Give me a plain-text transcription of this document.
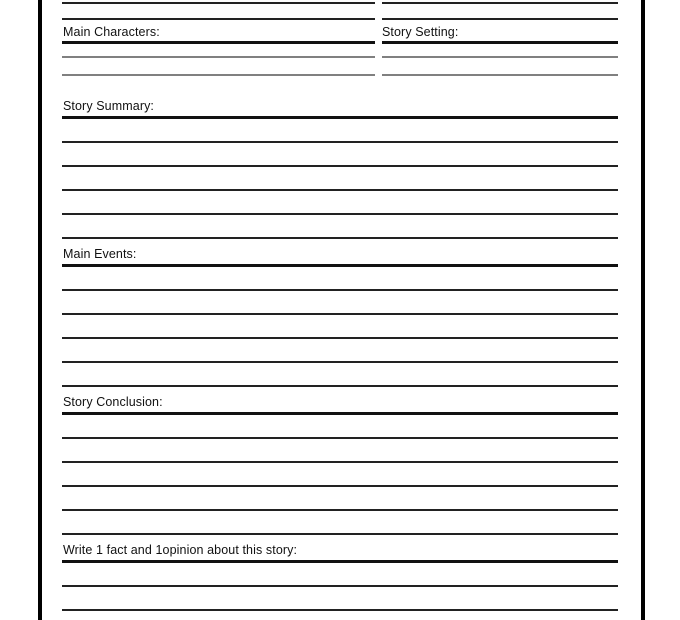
Main Characters:	Story Setting:
Story Summary:
Main Events:
Story Conclusion:
Write 1 fact and 1opinion about this story:
